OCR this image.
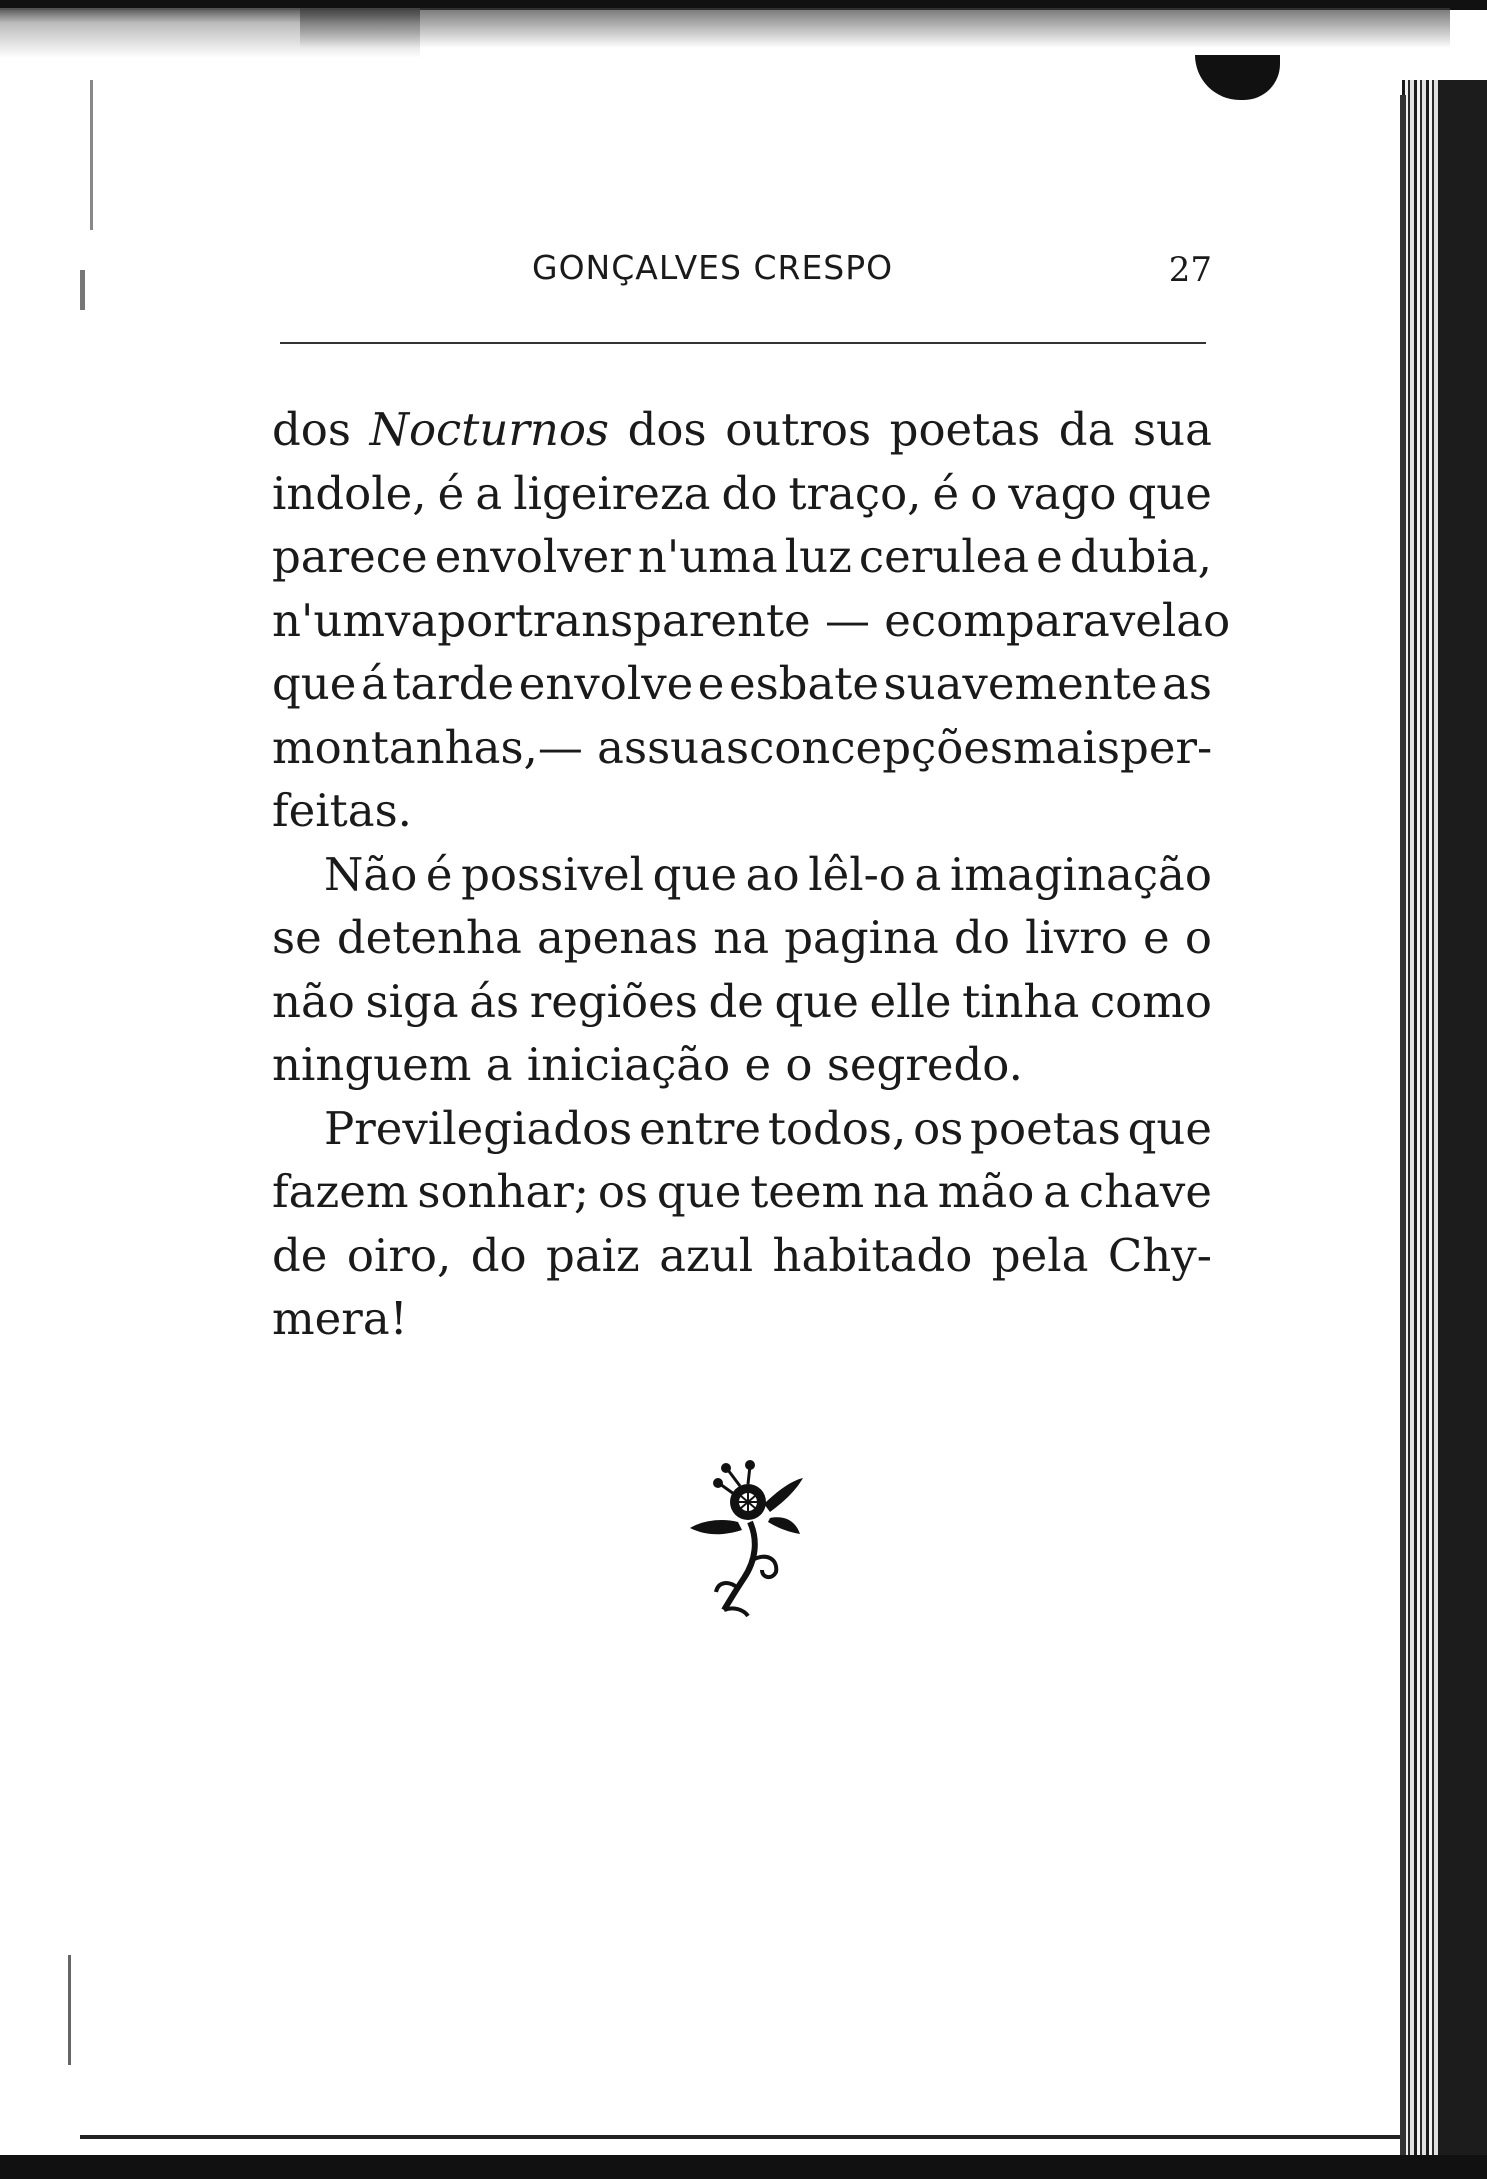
GONÇALVES CRESPO	27
dos Nocturnos dos outros poetas da sua
indole, é a ligeireza do traço, é o vago que
parece envolver n'uma luz cerulea e dubia,
n'um vapor transparente — e comparavel ao
que á tarde envolve e esbate suavemente as
montanhas,— as suas concepções mais per-
feitas.
Não é possivel que ao lêl-o a imaginação
se detenha apenas na pagina do livro e o
não siga ás regiões de que elle tinha como
ninguem a iniciação e o segredo.
Previlegiados entre todos, os poetas que
fazem sonhar; os que teem na mão a chave
de oiro, do paiz azul habitado pela Chy-
mera!
